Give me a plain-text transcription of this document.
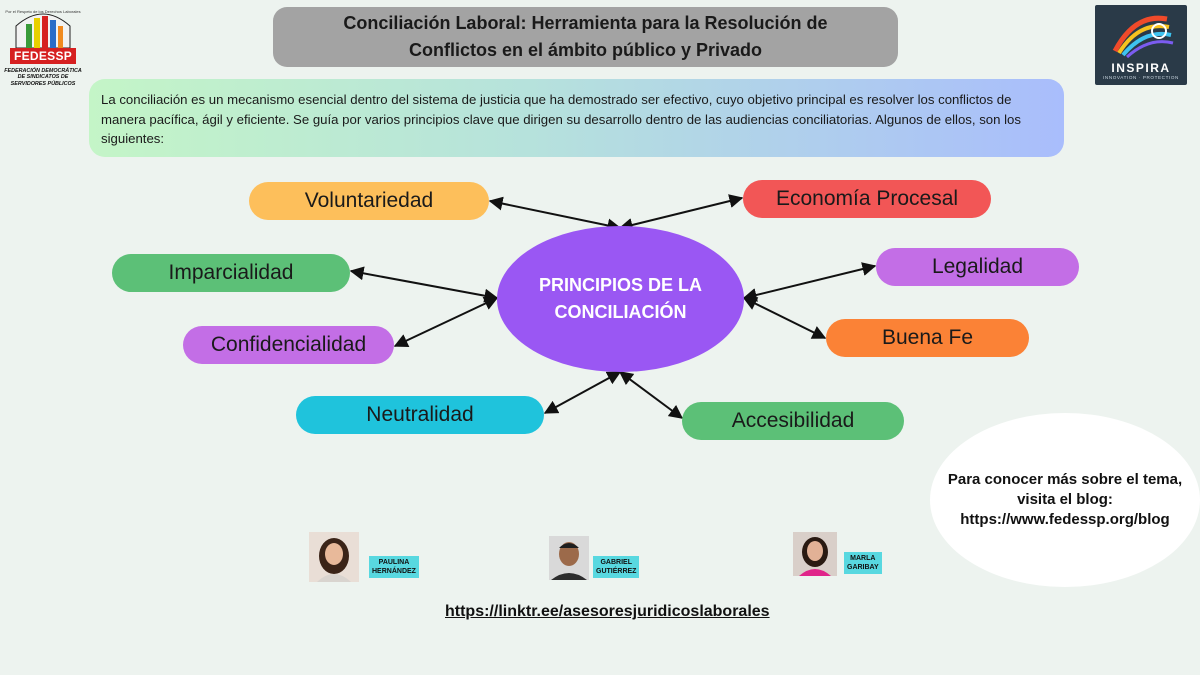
Por el Respeto de los Derechos Laborales
FEDESSP
FEDERACIÓN DEMOCRÁTICA DE SINDICATOS DE SERVIDORES PÚBLICOS
INSPIRA
INNOVATION · PROTECTION
Conciliación Laboral: Herramienta para la Resolución de Conflictos en el ámbito público y Privado
La conciliación es un mecanismo esencial dentro del sistema de justicia que ha demostrado ser efectivo, cuyo objetivo principal es resolver los conflictos de manera pacífica, ágil y eficiente. Se guía por varios principios clave que dirigen su desarrollo dentro de las audiencias conciliatorias. Algunos de ellos, son los siguientes:
PRINCIPIOS DE LA CONCILIACIÓN
Voluntariedad	Economía Procesal
Imparcialidad	Legalidad
Confidencialidad	Buena Fe
Neutralidad	Accesibilidad
Para conocer más sobre el tema,
visita el blog:
https://www.fedessp.org/blog
PAULINA
HERNÁNDEZ
GABRIEL
GUTIÉRREZ
MARLA
GARIBAY
https://linktr.ee/asesoresjuridicoslaborales
